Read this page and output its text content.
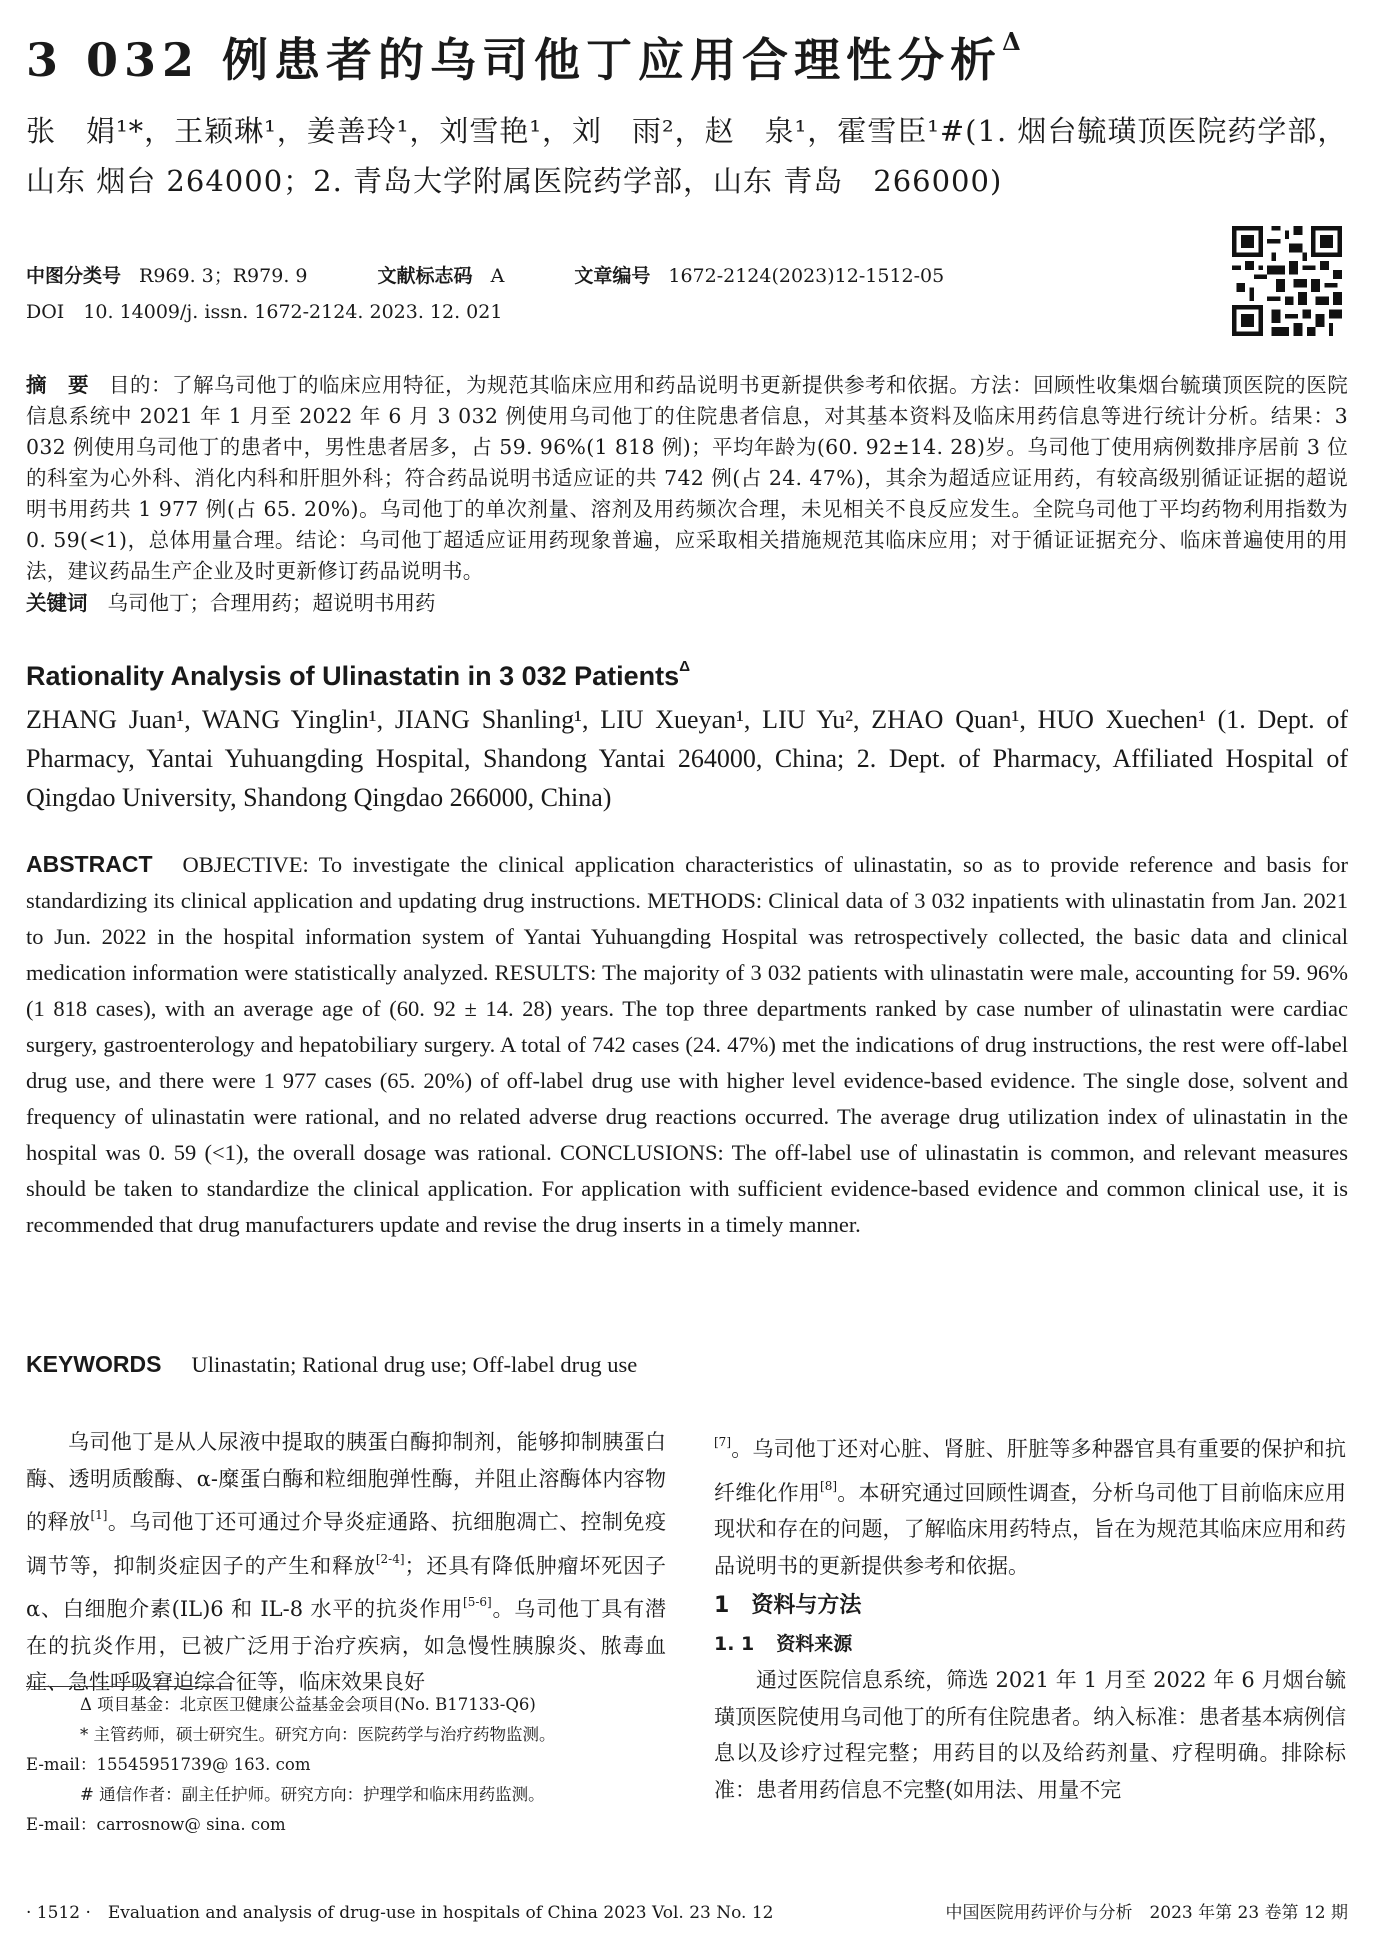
3 032 例患者的乌司他丁应用合理性分析$^\Delta$
张　娟¹*，王颖琳¹，姜善玲¹，刘雪艳¹，刘　雨²，赵　泉¹，霍雪臣¹#(1. 烟台毓璜顶医院药学部，山东 烟台 264000；2. 青岛大学附属医院药学部，山东 青岛　266000)
中图分类号 R969. 3；R979. 9	文献标志码 A	文章编号 1672-2124(2023)12-1512-05
DOI　10. 14009/j. issn. 1672-2124. 2023. 12. 021
摘　要 目的：了解乌司他丁的临床应用特征，为规范其临床应用和药品说明书更新提供参考和依据。方法：回顾性收集烟台毓璜顶医院的医院信息系统中 2021 年 1 月至 2022 年 6 月 3 032 例使用乌司他丁的住院患者信息，对其基本资料及临床用药信息等进行统计分析。结果：3 032 例使用乌司他丁的患者中，男性患者居多，占 59. 96%(1 818 例)；平均年龄为(60. 92±14. 28)岁。乌司他丁使用病例数排序居前 3 位的科室为心外科、消化内科和肝胆外科；符合药品说明书适应证的共 742 例(占 24. 47%)，其余为超适应证用药，有较高级别循证证据的超说明书用药共 1 977 例(占 65. 20%)。乌司他丁的单次剂量、溶剂及用药频次合理，未见相关不良反应发生。全院乌司他丁平均药物利用指数为 0. 59(<1)，总体用量合理。结论：乌司他丁超适应证用药现象普遍，应采取相关措施规范其临床应用；对于循证证据充分、临床普遍使用的用法，建议药品生产企业及时更新修订药品说明书。
关键词 乌司他丁；合理用药；超说明书用药
Rationality Analysis of Ulinastatin in 3 032 Patients$^\Delta$
ZHANG Juan¹, WANG Yinglin¹, JIANG Shanling¹, LIU Xueyan¹, LIU Yu², ZHAO Quan¹, HUO Xuechen¹ (1. Dept. of Pharmacy, Yantai Yuhuangding Hospital, Shandong Yantai 264000, China; 2. Dept. of Pharmacy, Affiliated Hospital of Qingdao University, Shandong Qingdao 266000, China)
ABSTRACT OBJECTIVE: To investigate the clinical application characteristics of ulinastatin, so as to provide reference and basis for standardizing its clinical application and updating drug instructions. METHODS: Clinical data of 3 032 inpatients with ulinastatin from Jan. 2021 to Jun. 2022 in the hospital information system of Yantai Yuhuangding Hospital was retrospectively collected, the basic data and clinical medication information were statistically analyzed. RESULTS: The majority of 3 032 patients with ulinastatin were male, accounting for 59. 96% (1 818 cases), with an average age of (60. 92 ± 14. 28) years. The top three departments ranked by case number of ulinastatin were cardiac surgery, gastroenterology and hepatobiliary surgery. A total of 742 cases (24. 47%) met the indications of drug instructions, the rest were off-label drug use, and there were 1 977 cases (65. 20%) of off-label drug use with higher level evidence-based evidence. The single dose, solvent and frequency of ulinastatin were rational, and no related adverse drug reactions occurred. The average drug utilization index of ulinastatin in the hospital was 0. 59 (<1), the overall dosage was rational. CONCLUSIONS: The off-label use of ulinastatin is common, and relevant measures should be taken to standardize the clinical application. For application with sufficient evidence-based evidence and common clinical use, it is recommended that drug manufacturers update and revise the drug inserts in a timely manner.
KEYWORDS Ulinastatin; Rational drug use; Off-label drug use

乌司他丁是从人尿液中提取的胰蛋白酶抑制剂，能够抑制胰蛋白酶、透明质酸酶、α-糜蛋白酶和粒细胞弹性酶，并阻止溶酶体内容物的释放[1]。乌司他丁还可通过介导炎症通路、抗细胞凋亡、控制免疫调节等，抑制炎症因子的产生和释放[2-4]；还具有降低肿瘤坏死因子 α、白细胞介素(IL)6 和 IL-8 水平的抗炎作用[5-6]。乌司他丁具有潜在的抗炎作用，已被广泛用于治疗疾病，如急慢性胰腺炎、脓毒血症、急性呼吸窘迫综合征等，临床效果良好

[7]。乌司他丁还对心脏、肾脏、肝脏等多种器官具有重要的保护和抗纤维化作用[8]。本研究通过回顾性调查，分析乌司他丁目前临床应用现状和存在的问题，了解临床用药特点，旨在为规范其临床应用和药品说明书的更新提供参考和依据。

1 资料与方法
1. 1 资料来源

通过医院信息系统，筛选 2021 年 1 月至 2022 年 6 月烟台毓璜顶医院使用乌司他丁的所有住院患者。纳入标准：患者基本病例信息以及诊疗过程完整；用药目的以及给药剂量、疗程明确。排除标准：患者用药信息不完整(如用法、用量不完

Δ 项目基金：北京医卫健康公益基金会项目(No. B17133-Q6)

* 主管药师，硕士研究生。研究方向：医院药学与治疗药物监测。

E-mail：15545951739@ 163. com

# 通信作者：副主任护师。研究方向：护理学和临床用药监测。

E-mail：carrosnow@ sina. com

· 1512 ·　Evaluation and analysis of drug-use in hospitals of China 2023 Vol. 23 No. 12	中国医院用药评价与分析　2023 年第 23 卷第 12 期
